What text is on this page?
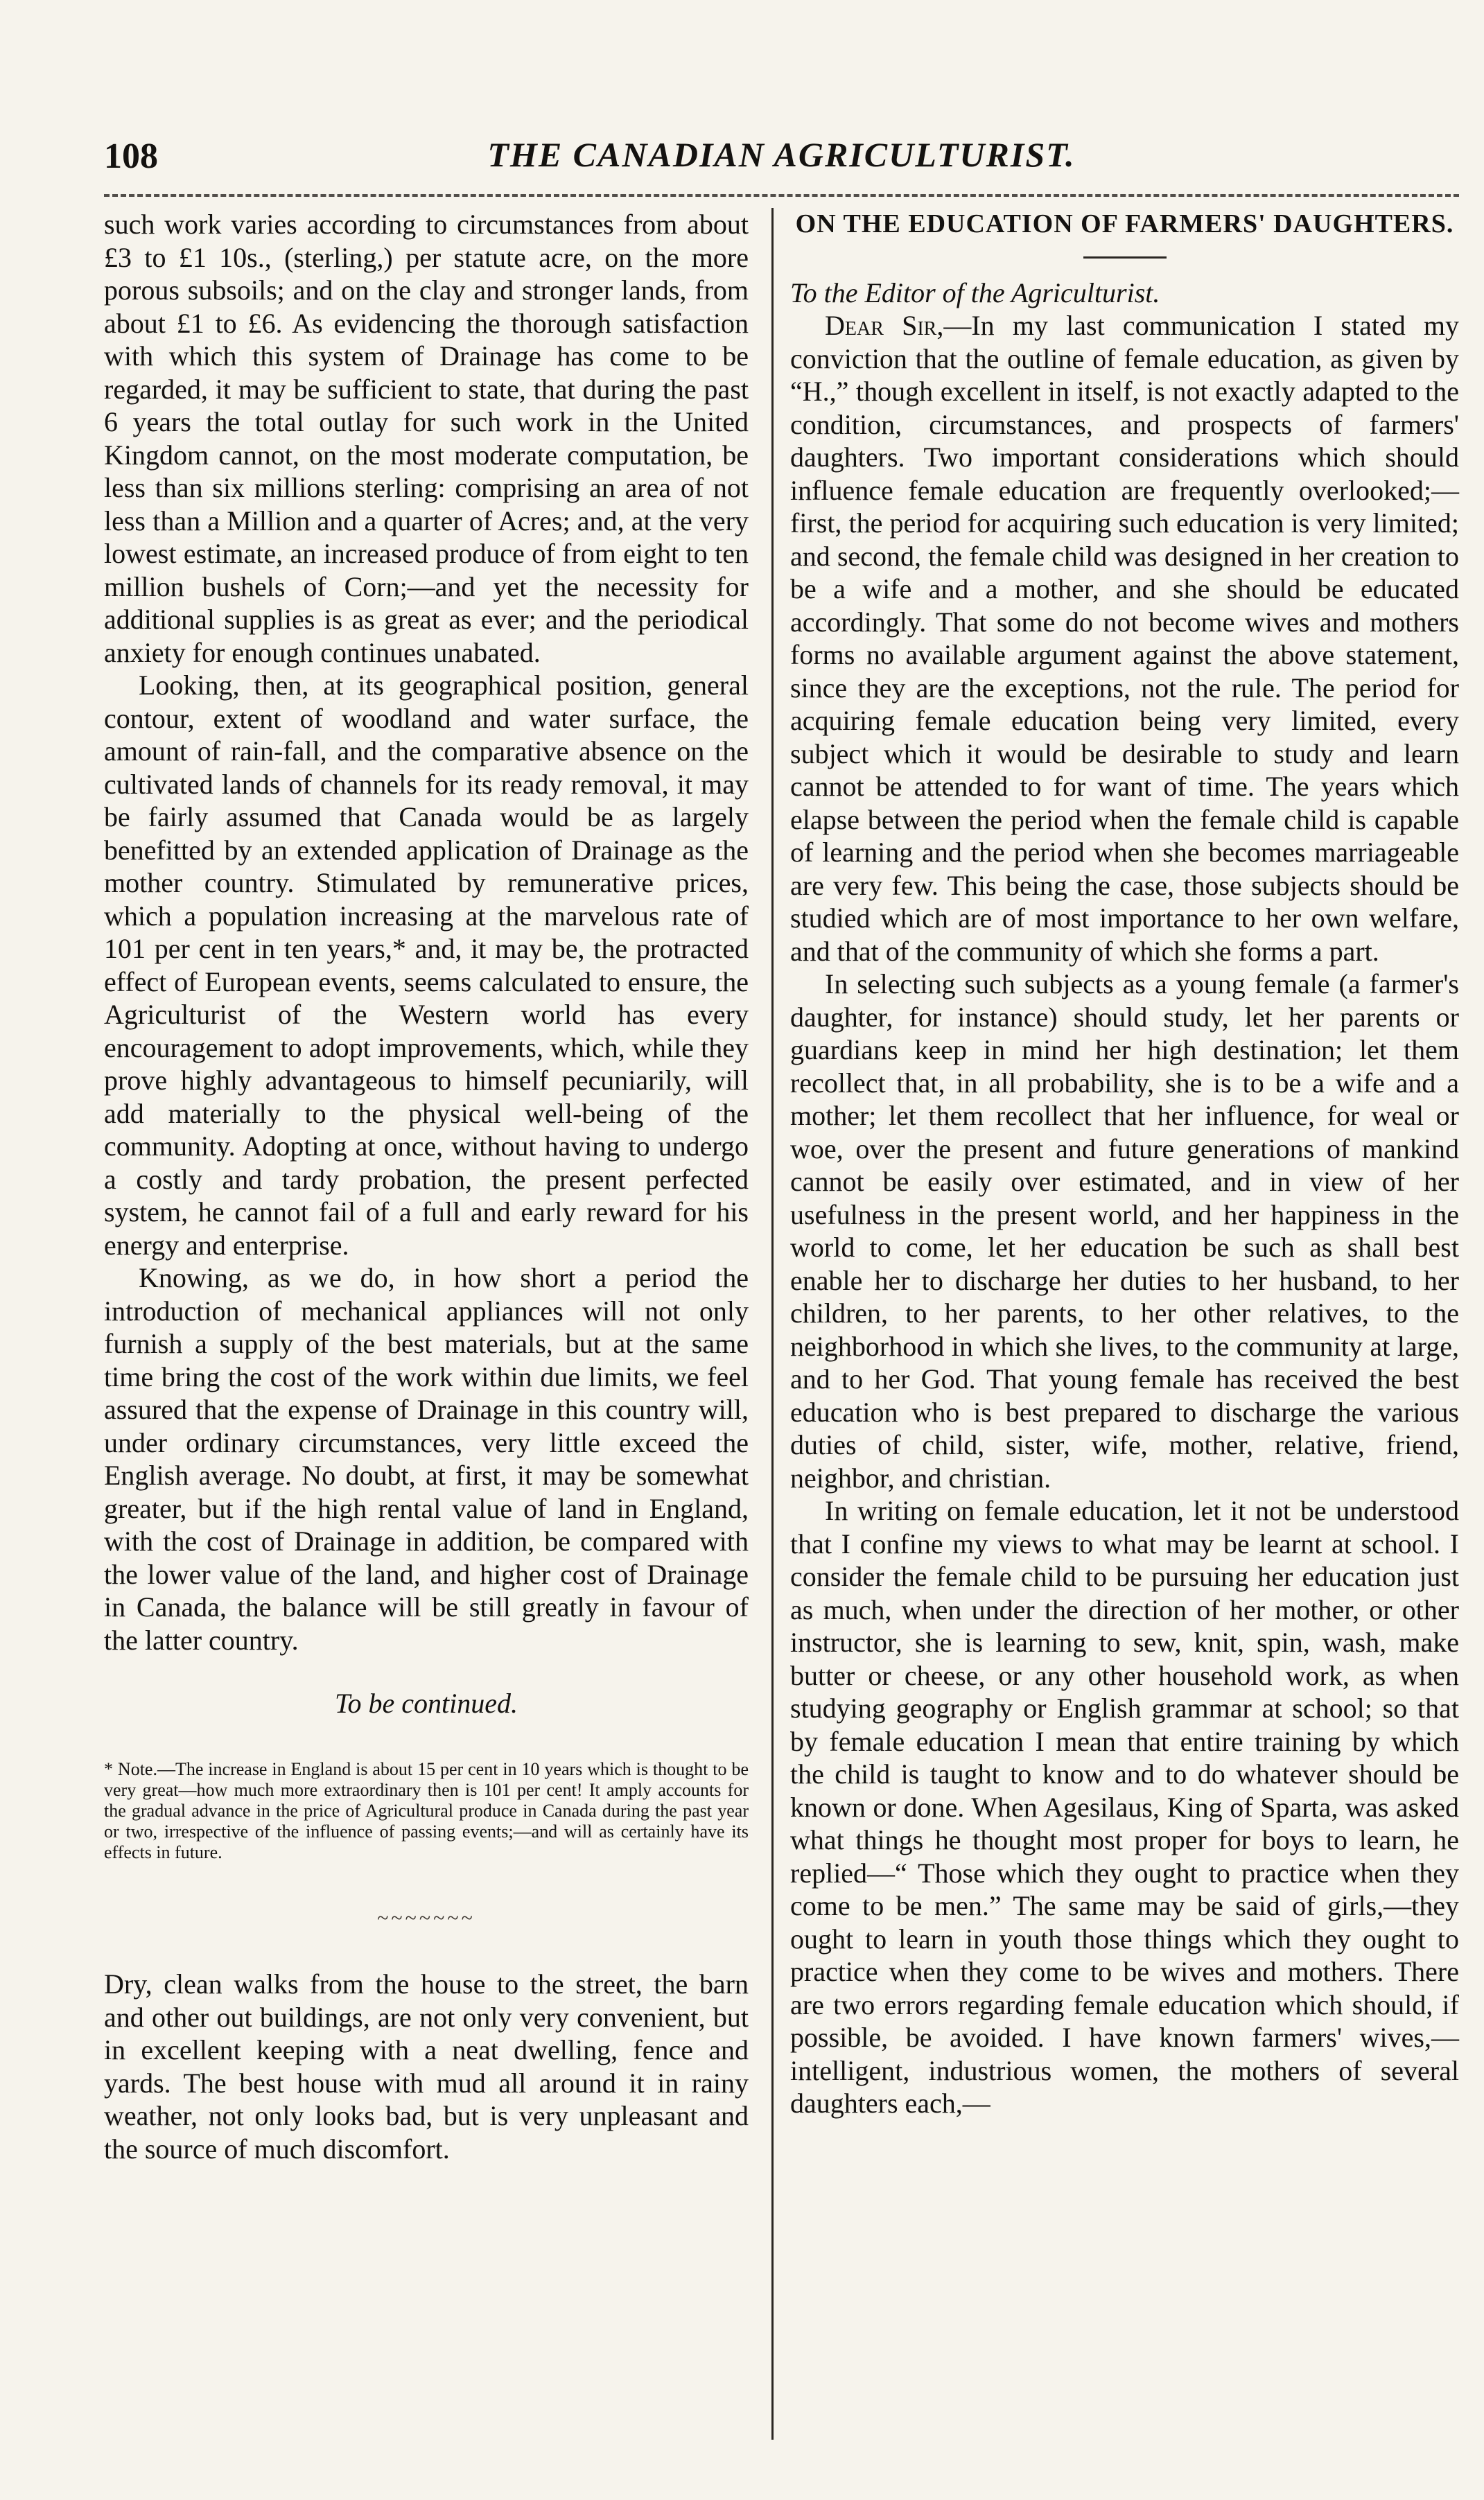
108	THE CANADIAN AGRICULTURIST.

such work varies according to circumstances from about £3 to £1 10s., (sterling,) per statute acre, on the more porous subsoils; and on the clay and stronger lands, from about £1 to £6. As evidencing the thorough satisfaction with which this system of Drainage has come to be regarded, it may be sufficient to state, that during the past 6 years the total outlay for such work in the United Kingdom cannot, on the most moderate computation, be less than six millions sterling: comprising an area of not less than a Million and a quarter of Acres; and, at the very lowest estimate, an increased produce of from eight to ten million bushels of Corn;—and yet the necessity for additional supplies is as great as ever; and the periodical anxiety for enough continues unabated.

Looking, then, at its geographical position, general contour, extent of woodland and water surface, the amount of rain-fall, and the comparative absence on the cultivated lands of channels for its ready removal, it may be fairly assumed that Canada would be as largely benefitted by an extended application of Drainage as the mother country. Stimulated by remunerative prices, which a population increasing at the marvelous rate of 101 per cent in ten years,* and, it may be, the protracted effect of European events, seems calculated to ensure, the Agriculturist of the Western world has every encouragement to adopt improvements, which, while they prove highly advantageous to himself pecuniarily, will add materially to the physical well-being of the community. Adopting at once, without having to undergo a costly and tardy probation, the present perfected system, he cannot fail of a full and early reward for his energy and enterprise.

Knowing, as we do, in how short a period the introduction of mechanical appliances will not only furnish a supply of the best materials, but at the same time bring the cost of the work within due limits, we feel assured that the expense of Drainage in this country will, under ordinary circumstances, very little exceed the English average. No doubt, at first, it may be somewhat greater, but if the high rental value of land in England, with the cost of Drainage in addition, be compared with the lower value of the land, and higher cost of Drainage in Canada, the balance will be still greatly in favour of the latter country.

To be continued.

* Note.—The increase in England is about 15 per cent in 10 years which is thought to be very great—how much more extraordinary then is 101 per cent! It amply accounts for the gradual advance in the price of Agricultural produce in Canada during the past year or two, irrespective of the influence of passing events;—and will as certainly have its effects in future.

~~~~~~~

Dry, clean walks from the house to the street, the barn and other out buildings, are not only very convenient, but in excellent keeping with a neat dwelling, fence and yards. The best house with mud all around it in rainy weather, not only looks bad, but is very unpleasant and the source of much discomfort.

ON THE EDUCATION OF FARMERS' DAUGHTERS.

To the Editor of the Agriculturist.

Dear Sir,—In my last communication I stated my conviction that the outline of female education, as given by “H.,” though excellent in itself, is not exactly adapted to the condition, circumstances, and prospects of farmers' daughters. Two important considerations which should influence female education are frequently overlooked;—first, the period for acquiring such education is very limited; and second, the female child was designed in her creation to be a wife and a mother, and she should be educated accordingly. That some do not become wives and mothers forms no available argument against the above statement, since they are the exceptions, not the rule. The period for acquiring female education being very limited, every subject which it would be desirable to study and learn cannot be attended to for want of time. The years which elapse between the period when the female child is capable of learning and the period when she becomes marriageable are very few. This being the case, those subjects should be studied which are of most importance to her own welfare, and that of the community of which she forms a part.

In selecting such subjects as a young female (a farmer's daughter, for instance) should study, let her parents or guardians keep in mind her high destination; let them recollect that, in all probability, she is to be a wife and a mother; let them recollect that her influence, for weal or woe, over the present and future generations of mankind cannot be easily over estimated, and in view of her usefulness in the present world, and her happiness in the world to come, let her education be such as shall best enable her to discharge her duties to her husband, to her children, to her parents, to her other relatives, to the neighborhood in which she lives, to the community at large, and to her God. That young female has received the best education who is best prepared to discharge the various duties of child, sister, wife, mother, relative, friend, neighbor, and christian.

In writing on female education, let it not be understood that I confine my views to what may be learnt at school. I consider the female child to be pursuing her education just as much, when under the direction of her mother, or other instructor, she is learning to sew, knit, spin, wash, make butter or cheese, or any other household work, as when studying geography or English grammar at school; so that by female education I mean that entire training by which the child is taught to know and to do whatever should be known or done. When Agesilaus, King of Sparta, was asked what things he thought most proper for boys to learn, he replied—“ Those which they ought to practice when they come to be men.” The same may be said of girls,—they ought to learn in youth those things which they ought to practice when they come to be wives and mothers. There are two errors regarding female education which should, if possible, be avoided. I have known farmers' wives,—intelligent, industrious women, the mothers of several daughters each,—
